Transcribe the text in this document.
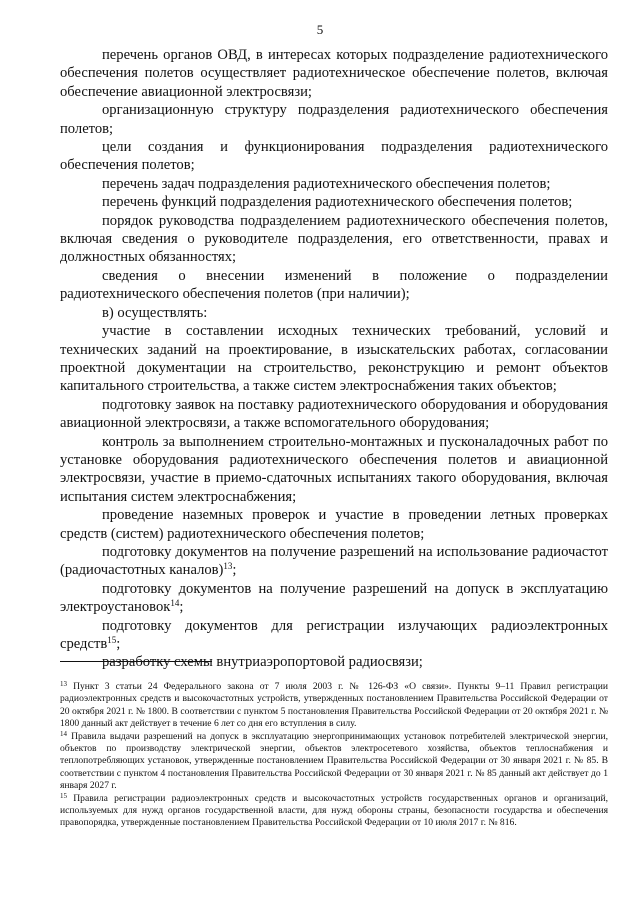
5

перечень органов ОВД, в интересах которых подразделение радиотехнического обеспечения полетов осуществляет радиотехническое обеспечение полетов, включая обеспечение авиационной электросвязи;

организационную структуру подразделения радиотехнического обеспечения полетов;

цели создания и функционирования подразделения радиотехнического обеспечения полетов;

перечень задач подразделения радиотехнического обеспечения полетов;

перечень функций подразделения радиотехнического обеспечения полетов;

порядок руководства подразделением радиотехнического обеспечения полетов, включая сведения о руководителе подразделения, его ответственности, правах и должностных обязанностях;

сведения о внесении изменений в положение о подразделении радиотехнического обеспечения полетов (при наличии);

в) осуществлять:

участие в составлении исходных технических требований, условий и технических заданий на проектирование, в изыскательских работах, согласовании проектной документации на строительство, реконструкцию и ремонт объектов капитального строительства, а также систем электроснабжения таких объектов;

подготовку заявок на поставку радиотехнического оборудования и оборудования авиационной электросвязи, а также вспомогательного оборудования;

контроль за выполнением строительно-монтажных и пусконаладочных работ по установке оборудования радиотехнического обеспечения полетов и авиационной электросвязи, участие в приемо-сдаточных испытаниях такого оборудования, включая испытания систем электроснабжения;

проведение наземных проверок и участие в проведении летных проверках средств (систем) радиотехнического обеспечения полетов;

подготовку документов на получение разрешений на использование радиочастот (радиочастотных каналов)$^{13}$;

подготовку документов на получение разрешений на допуск в эксплуатацию электроустановок$^{14}$;

подготовку документов для регистрации излучающих радиоэлектронных средств$^{15}$;

разработку схемы внутриаэропортовой радиосвязи;

$^{13}$ Пункт 3 статьи 24 Федерального закона от 7 июля 2003 г. № 126-ФЗ «О связи». Пункты 9–11 Правил регистрации радиоэлектронных средств и высокочастотных устройств, утвержденных постановлением Правительства Российской Федерации от 20 октября 2021 г. № 1800. В соответствии с пунктом 5 постановления Правительства Российской Федерации от 20 октября 2021 г. № 1800 данный акт действует в течение 6 лет со дня его вступления в силу.

$^{14}$ Правила выдачи разрешений на допуск в эксплуатацию энергопринимающих установок потребителей электрической энергии, объектов по производству электрической энергии, объектов электросетевого хозяйства, объектов теплоснабжения и теплопотребляющих установок, утвержденные постановлением Правительства Российской Федерации от 30 января 2021 г. № 85. В соответствии с пунктом 4 постановления Правительства Российской Федерации от 30 января 2021 г. № 85 данный акт действует до 1 января 2027 г.

$^{15}$ Правила регистрации радиоэлектронных средств и высокочастотных устройств государственных органов и организаций, используемых для нужд органов государственной власти, для нужд обороны страны, безопасности государства и обеспечения правопорядка, утвержденные постановлением Правительства Российской Федерации от 10 июля 2017 г. № 816.
